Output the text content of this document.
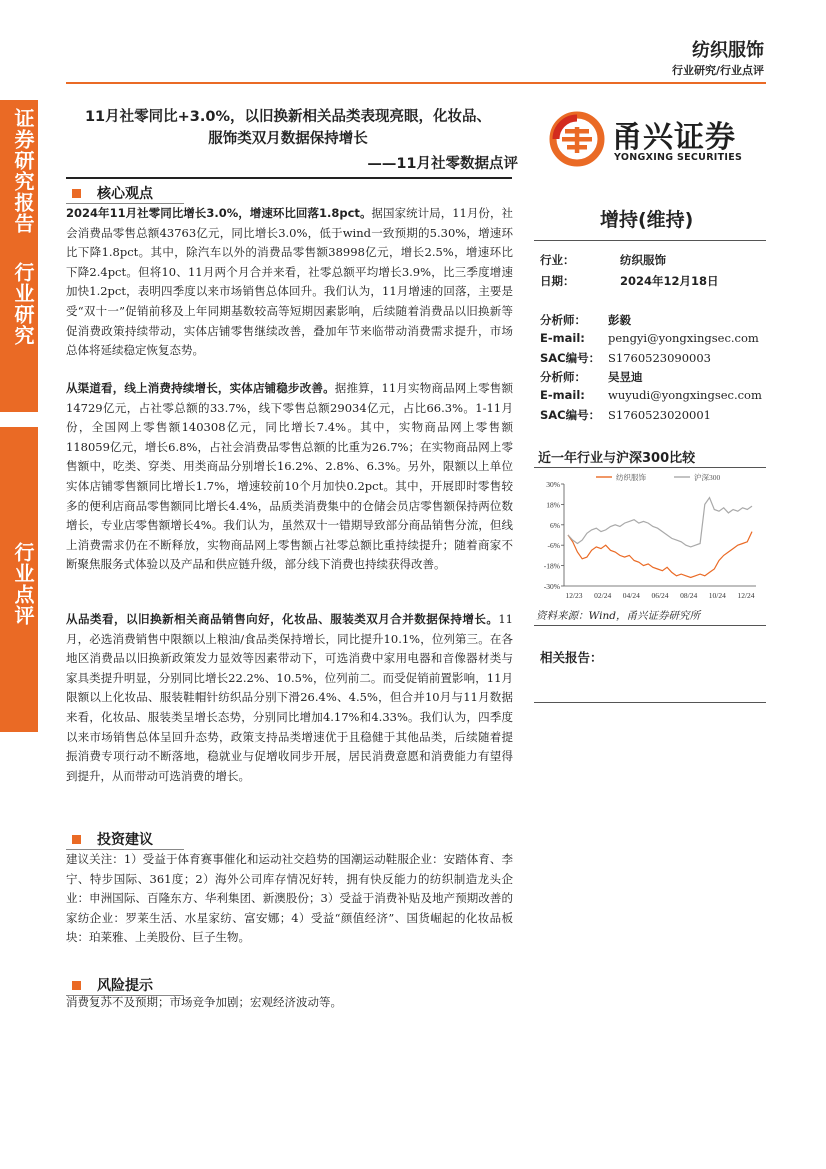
证券研究报告
行业研究
行业点评
纺织服饰
行业研究/行业点评
11月社零同比+3.0%，以旧换新相关品类表现亮眼，化妆品、
服饰类双月数据保持增长
——11月社零数据点评
甬兴证券
YONGXING SECURITIES
核心观点
2024年11月社零同比增长3.0%，增速环比回落1.8pct。据国家统计局，11月份，社会消费品零售总额43763亿元，同比增长3.0%，低于wind一致预期的5.30%，增速环比下降1.8pct。其中，除汽车以外的消费品零售额38998亿元，增长2.5%，增速环比下降2.4pct。但将10、11月两个月合并来看，社零总额平均增长3.9%，比三季度增速加快1.2pct，表明四季度以来市场销售总体回升。我们认为，11月增速的回落，主要是受“双十一”促销前移及上年同期基数较高等短期因素影响，后续随着消费品以旧换新等促消费政策持续带动，实体店铺零售继续改善，叠加年节来临带动消费需求提升，市场总体将延续稳定恢复态势。
从渠道看，线上消费持续增长，实体店铺稳步改善。据推算，11月实物商品网上零售额14729亿元，占社零总额的33.7%，线下零售总额29034亿元，占比66.3%。1-11月份，全国网上零售额140308亿元，同比增长7.4%。其中，实物商品网上零售额118059亿元，增长6.8%，占社会消费品零售总额的比重为26.7%；在实物商品网上零售额中，吃类、穿类、用类商品分别增长16.2%、2.8%、6.3%。另外，限额以上单位实体店铺零售额同比增长1.7%，增速较前10个月加快0.2pct。其中，开展即时零售较多的便利店商品零售额同比增长4.4%，品质类消费集中的仓储会员店零售额保持两位数增长，专业店零售额增长4%。我们认为，虽然双十一错期导致部分商品销售分流，但线上消费需求仍在不断释放，实物商品网上零售额占社零总额比重持续提升；随着商家不断聚焦服务式体验以及产品和供应链升级，部分线下消费也持续获得改善。
从品类看，以旧换新相关商品销售向好，化妆品、服装类双月合并数据保持增长。11月，必选消费销售中限额以上粮油/食品类保持增长，同比提升10.1%，位列第三。在各地区消费品以旧换新政策发力显效等因素带动下，可选消费中家用电器和音像器材类与家具类提升明显，分别同比增长22.2%、10.5%，位列前二。而受促销前置影响，11月限额以上化妆品、服装鞋帽针纺织品分别下滑26.4%、4.5%，但合并10月与11月数据来看，化妆品、服装类呈增长态势，分别同比增加4.17%和4.33%。我们认为，四季度以来市场销售总体呈回升态势，政策支持品类增速优于且稳健于其他品类，后续随着提振消费专项行动不断落地，稳就业与促增收同步开展，居民消费意愿和消费能力有望得到提升，从而带动可选消费的增长。
投资建议
建议关注：1）受益于体育赛事催化和运动社交趋势的国潮运动鞋服企业：安踏体育、李宁、特步国际、361度；2）海外公司库存情况好转，拥有快反能力的纺织制造龙头企业：申洲国际、百隆东方、华利集团、新澳股份；3）受益于消费补贴及地产预期改善的家纺企业：罗莱生活、水星家纺、富安娜；4）受益“颜值经济”、国货崛起的化妆品板块：珀莱雅、上美股份、巨子生物。
风险提示
消费复苏不及预期；市场竞争加剧；宏观经济波动等。
增持(维持)
行业：	纺织服饰
日期：	2024年12月18日
分析师： 彭毅
E-mail: pengyi@yongxingsec.com
SAC编号： S1760523090003
分析师： 吴昱迪
E-mail: wuyudi@yongxingsec.com
SAC编号： S1760523020001
近一年行业与沪深300比较
30%
18%
6%
-6%
-18%
-30%
12/23 02/24 04/24 06/24 08/24 10/24 12/24
纺织服饰	沪深300
资料来源：Wind，甬兴证券研究所
相关报告：
